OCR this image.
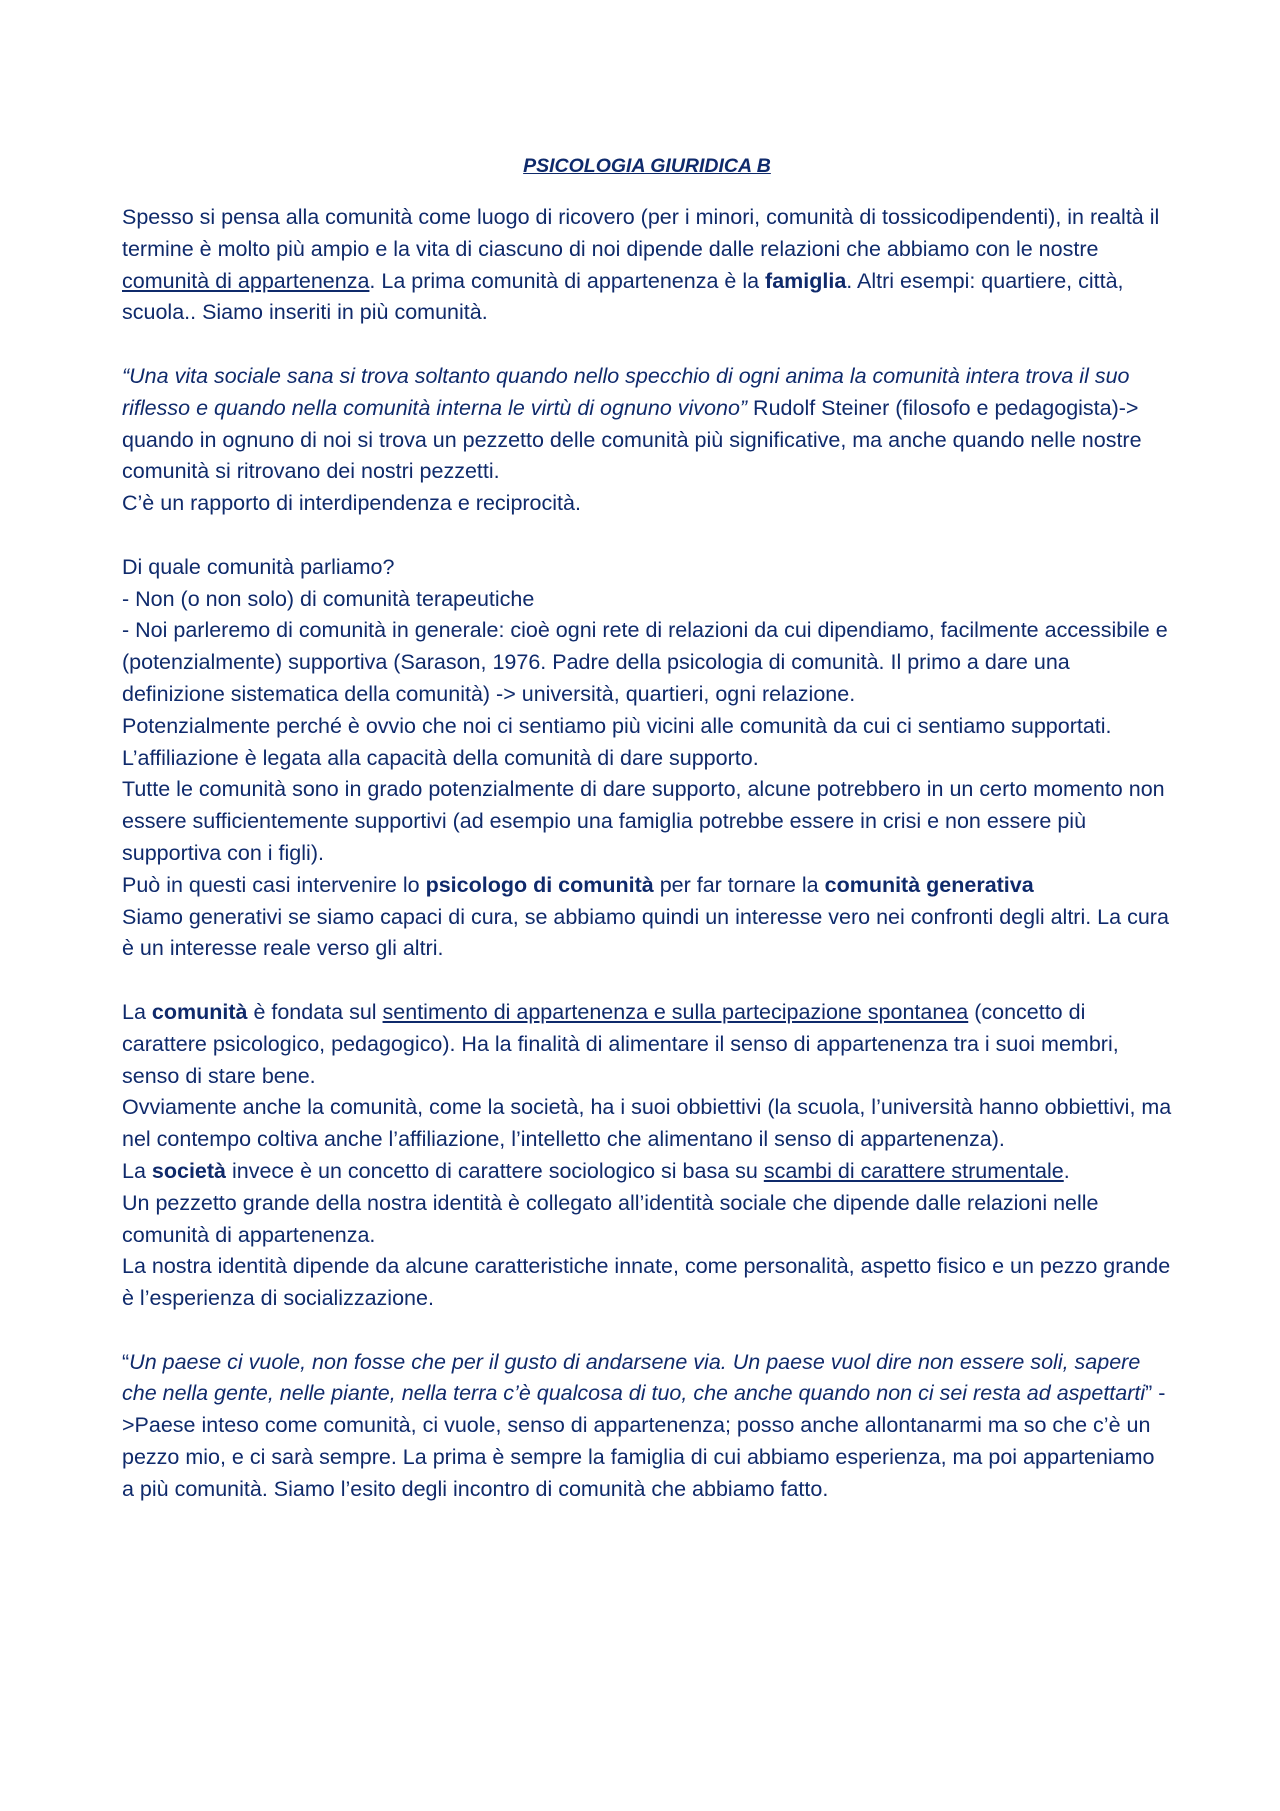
PSICOLOGIA GIURIDICA B

Spesso si pensa alla comunità come luogo di ricovero (per i minori, comunità di tossicodipendenti), in realtà il termine è molto più ampio e la vita di ciascuno di noi dipende dalle relazioni che abbiamo con le nostre comunità di appartenenza. La prima comunità di appartenenza è la famiglia. Altri esempi: quartiere, città, scuola.. Siamo inseriti in più comunità.

“Una vita sociale sana si trova soltanto quando nello specchio di ogni anima la comunità intera trova il suo riflesso e quando nella comunità interna le virtù di ognuno vivono” Rudolf Steiner (filosofo e pedagogista)-> quando in ognuno di noi si trova un pezzetto delle comunità più significative, ma anche quando nelle nostre comunità si ritrovano dei nostri pezzetti.

C’è un rapporto di interdipendenza e reciprocità.

Di quale comunità parliamo?

- Non (o non solo) di comunità terapeutiche

- Noi parleremo di comunità in generale: cioè ogni rete di relazioni da cui dipendiamo, facilmente accessibile e (potenzialmente) supportiva (Sarason, 1976. Padre della psicologia di comunità. Il primo a dare una definizione sistematica della comunità) -> università, quartieri, ogni relazione.

Potenzialmente perché è ovvio che noi ci sentiamo più vicini alle comunità da cui ci sentiamo supportati. L’affiliazione è legata alla capacità della comunità di dare supporto.

Tutte le comunità sono in grado potenzialmente di dare supporto, alcune potrebbero in un certo momento non essere sufficientemente supportivi (ad esempio una famiglia potrebbe essere in crisi e non essere più supportiva con i figli).

Può in questi casi intervenire lo psicologo di comunità per far tornare la comunità generativa

Siamo generativi se siamo capaci di cura, se abbiamo quindi un interesse vero nei confronti degli altri. La cura è un interesse reale verso gli altri.

La comunità è fondata sul sentimento di appartenenza e sulla partecipazione spontanea (concetto di carattere psicologico, pedagogico). Ha la finalità di alimentare il senso di appartenenza tra i suoi membri, senso di stare bene.

Ovviamente anche la comunità, come la società, ha i suoi obbiettivi (la scuola, l’università hanno obbiettivi, ma nel contempo coltiva anche l’affiliazione, l’intelletto che alimentano il senso di appartenenza).

La società invece è un concetto di carattere sociologico si basa su scambi di carattere strumentale.

Un pezzetto grande della nostra identità è collegato all’identità sociale che dipende dalle relazioni nelle comunità di appartenenza.

La nostra identità dipende da alcune caratteristiche innate, come personalità, aspetto fisico e un pezzo grande è l’esperienza di socializzazione.

“Un paese ci vuole, non fosse che per il gusto di andarsene via. Un paese vuol dire non essere soli, sapere che nella gente, nelle piante, nella terra c’è qualcosa di tuo, che anche quando non ci sei resta ad aspettarti” ->Paese inteso come comunità, ci vuole, senso di appartenenza; posso anche allontanarmi ma so che c’è un pezzo mio, e ci sarà sempre. La prima è sempre la famiglia di cui abbiamo esperienza, ma poi apparteniamo a più comunità. Siamo l’esito degli incontro di comunità che abbiamo fatto.
